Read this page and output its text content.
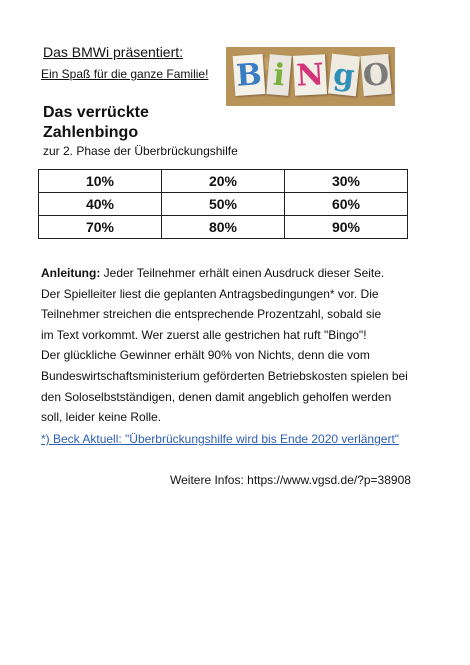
Das BMWi präsentiert:
Ein Spaß für die ganze Familie! B i N g O
Das verrückte
Zahlenbingo
zur 2. Phase der Überbrückungshilfe
10%	20%	30%
40%	50%	60%
70%	80%	90%
Anleitung: Jeder Teilnehmer erhält einen Ausdruck dieser Seite.
Der Spielleiter liest die geplanten Antragsbedingungen* vor. Die
Teilnehmer streichen die entsprechende Prozentzahl, sobald sie
im Text vorkommt. Wer zuerst alle gestrichen hat ruft "Bingo"!
Der glückliche Gewinner erhält 90% von Nichts, denn die vom
Bundeswirtschaftsministerium geförderten Betriebskosten spielen bei
den Soloselbstständigen, denen damit angeblich geholfen werden
soll, leider keine Rolle.
*) Beck Aktuell: "Überbrückungshilfe wird bis Ende 2020 verlängert"
Weitere Infos: https://www.vgsd.de/?p=38908
